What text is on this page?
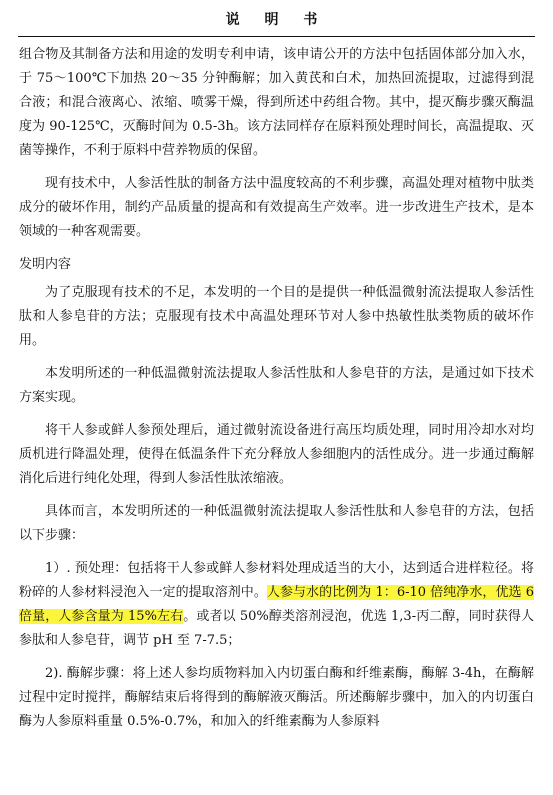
说 明 书

组合物及其制备方法和用途的发明专利申请，该申请公开的方法中包括固体部分加入水，于 75～100℃下加热 20～35 分钟酶解；加入黄芪和白术，加热回流提取，过滤得到混合液；和混合液离心、浓缩、喷雾干燥，得到所述中药组合物。其中，提灭酶步骤灭酶温度为 90-125℃，灭酶时间为 0.5-3h。该方法同样存在原料预处理时间长，高温提取、灭菌等操作，不利于原料中营养物质的保留。

现有技术中，人参活性肽的制备方法中温度较高的不利步骤，高温处理对植物中肽类成分的破坏作用，制约产品质量的提高和有效提高生产效率。进一步改进生产技术，是本领域的一种客观需要。

发明内容

为了克服现有技术的不足，本发明的一个目的是提供一种低温微射流法提取人参活性肽和人参皂苷的方法；克服现有技术中高温处理环节对人参中热敏性肽类物质的破坏作用。

本发明所述的一种低温微射流法提取人参活性肽和人参皂苷的方法，是通过如下技术方案实现。

将干人参或鲜人参预处理后，通过微射流设备进行高压均质处理，同时用冷却水对均质机进行降温处理，使得在低温条件下充分释放人参细胞内的活性成分。进一步通过酶解消化后进行纯化处理，得到人参活性肽浓缩液。

具体而言，本发明所述的一种低温微射流法提取人参活性肽和人参皂苷的方法，包括以下步骤：

1）. 预处理：包括将干人参或鲜人参材料处理成适当的大小，达到适合进样粒径。将粉碎的人参材料浸泡入一定的提取溶剂中。人参与水的比例为 1：6-10 倍纯净水，优选 6 倍量，人参含量为 15%左右。或者以 50%醇类溶剂浸泡，优选 1,3-丙二醇，同时获得人参肽和人参皂苷，调节 pH 至 7-7.5；

2). 酶解步骤：将上述人参均质物料加入内切蛋白酶和纤维素酶，酶解 3-4h，在酶解过程中定时搅拌，酶解结束后将得到的酶解液灭酶活。所述酶解步骤中，加入的内切蛋白酶为人参原料重量 0.5%-0.7%，和加入的纤维素酶为人参原料
